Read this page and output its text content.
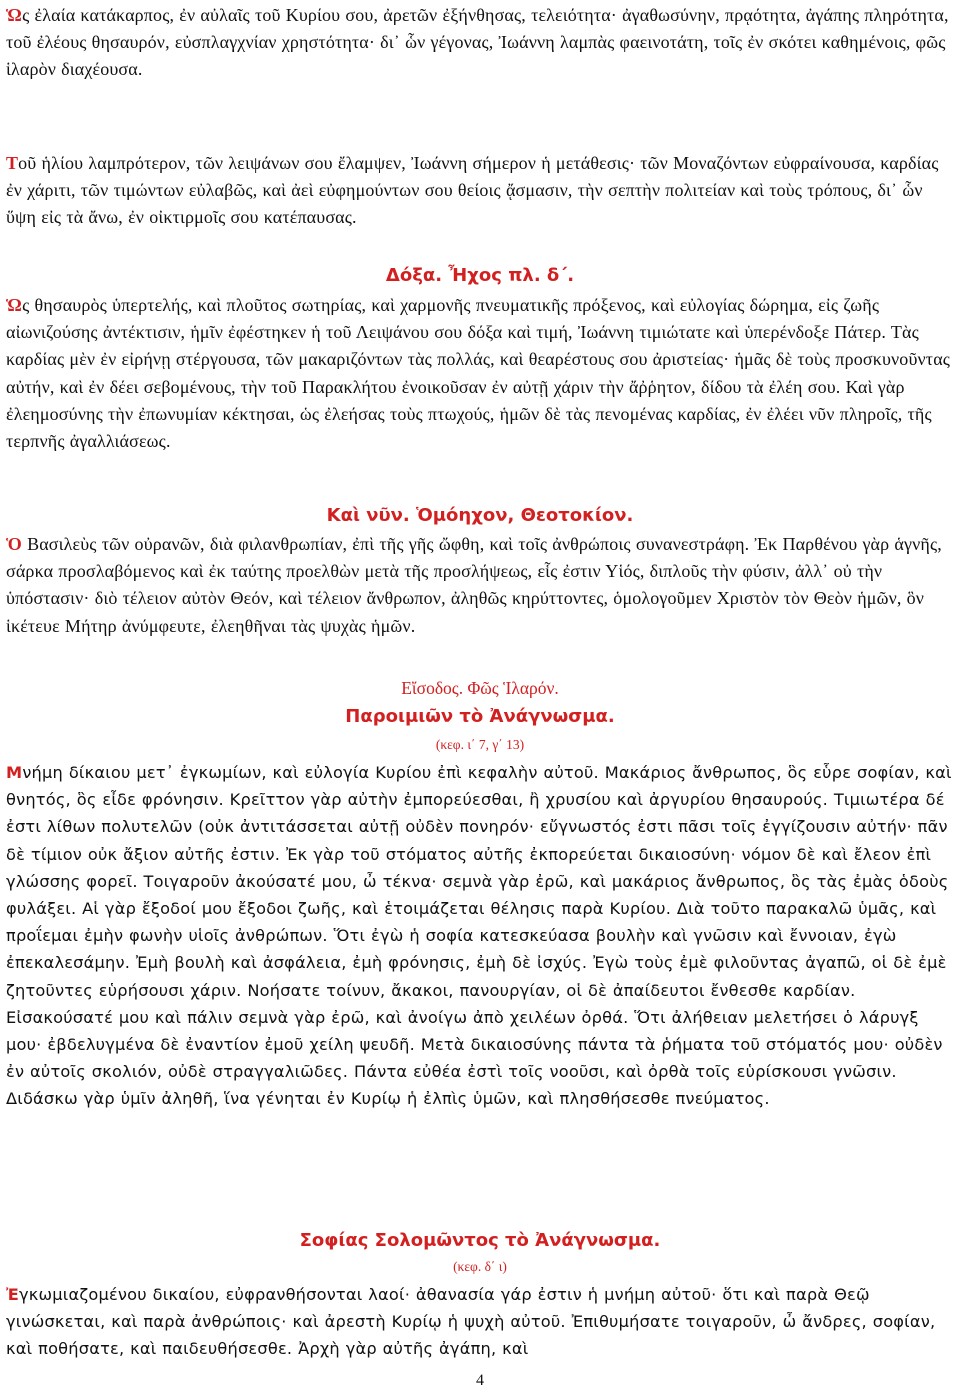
Ὡς ἐλαία κατάκαρπος, ἐν αὐλαῖς τοῦ Κυρίου σου, ἀρετῶν ἐξήνθησας, τελειότητα· ἀγαθωσύνην, πρᾳότητα, ἀγάπης πληρότητα, τοῦ ἐλέους θησαυρόν, εὐσπλαγχνίαν χρηστότητα· δι᾽ ὧν γέγονας, Ἰωάννη λαμπὰς φαεινοτάτη, τοῖς ἐν σκότει καθημένοις, φῶς ἱλαρὸν διαχέουσα.

Τοῦ ἡλίου λαμπρότερον, τῶν λειψάνων σου ἔλαμψεν, Ἰωάννη σήμερον ἡ μετάθεσις· τῶν Μοναζόντων εὐφραίνουσα, καρδίας ἐν χάριτι, τῶν τιμώντων εὐλαβῶς, καὶ ἀεὶ εὐφημούντων σου θείοις ᾄσμασιν, τὴν σεπτὴν πολιτείαν καὶ τοὺς τρόπους, δι᾽ ὧν ὕψη εἰς τὰ ἄνω, ἐν οἰκτιρμοῖς σου κατέπαυσας.

Δόξα. Ἦχος πλ. δ΄.

Ὡς θησαυρὸς ὑπερτελής, καὶ πλοῦτος σωτηρίας, καὶ χαρμονῆς πνευματικῆς πρόξενος, καὶ εὐλογίας δώρημα, εἰς ζωῆς αἰωνιζούσης ἀντέκτισιν, ἡμῖν ἐφέστηκεν ἡ τοῦ Λειψάνου σου δόξα καὶ τιμή, Ἰωάννη τιμιώτατε καὶ ὑπερένδοξε Πάτερ. Τὰς καρδίας μὲν ἐν εἰρήνῃ στέργουσα, τῶν μακαριζόντων τὰς πολλάς, καὶ θεαρέστους σου ἀριστείας· ἡμᾶς δὲ τοὺς προσκυνοῦντας αὐτήν, καὶ ἐν δέει σεβομένους, τὴν τοῦ Παρακλήτου ἐνοικοῦσαν ἐν αὐτῇ χάριν τὴν ἄῤῥητον, δίδου τὰ ἐλέη σου. Καὶ γὰρ ἐλεημοσύνης τὴν ἐπωνυμίαν κέκτησαι, ὡς ἐλεήσας τοὺς πτωχούς, ἡμῶν δὲ τὰς πενομένας καρδίας, ἐν ἐλέει νῦν πληροῖς, τῆς τερπνῆς ἀγαλλιάσεως.

Καὶ νῦν. Ὁμόηχον, Θεοτοκίον.

Ὁ Βασιλεὺς τῶν οὐρανῶν, διὰ φιλανθρωπίαν, ἐπὶ τῆς γῆς ὤφθη, καὶ τοῖς ἀνθρώποις συνανεστράφη. Ἐκ Παρθένου γὰρ ἁγνῆς, σάρκα προσλαβόμενος καὶ ἐκ ταύτης προελθὼν μετὰ τῆς προσλήψεως, εἷς ἐστιν Υἱός, διπλοῦς τὴν φύσιν, ἀλλ᾽ οὐ τὴν ὑπόστασιν· διὸ τέλειον αὐτὸν Θεόν, καὶ τέλειον ἄνθρωπον, ἀληθῶς κηρύττοντες, ὁμολογοῦμεν Χριστὸν τὸν Θεὸν ἡμῶν, ὃν ἱκέτευε Μήτηρ ἀνύμφευτε, ἐλεηθῆναι τὰς ψυχὰς ἡμῶν.

Εἴσοδος. Φῶς Ἱλαρόν.
Παροιμιῶν τὸ Ἀνάγνωσμα.
(κεφ. ι΄ 7, γ΄ 13)

Μνήμη δίκαιου μετ᾽ ἐγκωμίων, καὶ εὐλογία Κυρίου ἐπὶ κεφαλὴν αὐτοῦ. Μακάριος ἄνθρωπος, ὃς εὗρε σοφίαν, καὶ θνητός, ὃς εἶδε φρόνησιν. Κρεῖττον γὰρ αὐτὴν ἐμπορεύεσθαι, ἢ χρυσίου καὶ ἀργυρίου θησαυρούς. Τιμιωτέρα δέ ἐστι λίθων πολυτελῶν (οὐκ ἀντιτάσσεται αὐτῇ οὐδὲν πονηρόν· εὔγνωστός ἐστι πᾶσι τοῖς ἐγγίζουσιν αὐτήν· πᾶν δὲ τίμιον οὐκ ἄξιον αὐτῆς ἐστιν. Ἐκ γὰρ τοῦ στόματος αὐτῆς ἐκπορεύεται δικαιοσύνη· νόμον δὲ καὶ ἔλεον ἐπὶ γλώσσης φορεῖ. Τοιγαροῦν ἀκούσατέ μου, ὦ τέκνα· σεμνὰ γὰρ ἐρῶ, καὶ μακάριος ἄνθρωπος, ὃς τὰς ἐμὰς ὁδοὺς φυλάξει. Αἱ γὰρ ἔξοδοί μου ἔξοδοι ζωῆς, καὶ ἑτοιμάζεται θέλησις παρὰ Κυρίου. Διὰ τοῦτο παρακαλῶ ὑμᾶς, καὶ προΐεμαι ἐμὴν φωνὴν υἱοῖς ἀνθρώπων. Ὅτι ἐγὼ ἡ σοφία κατεσκεύασα βουλὴν καὶ γνῶσιν καὶ ἔννοιαν, ἐγὼ ἐπεκαλεσάμην. Ἐμὴ βουλὴ καὶ ἀσφάλεια, ἐμὴ φρόνησις, ἐμὴ δὲ ἰσχύς. Ἐγὼ τοὺς ἐμὲ φιλοῦντας ἀγαπῶ, οἱ δὲ ἐμὲ ζητοῦντες εὑρήσουσι χάριν. Νοήσατε τοίνυν, ἄκακοι, πανουργίαν, οἱ δὲ ἀπαίδευτοι ἔνθεσθε καρδίαν. Εἰσακούσατέ μου καὶ πάλιν σεμνὰ γὰρ ἐρῶ, καὶ ἀνοίγω ἀπὸ χειλέων ὀρθά. Ὅτι ἀλήθειαν μελετήσει ὁ λάρυγξ μου· ἐβδελυγμένα δὲ ἐναντίον ἐμοῦ χείλη ψευδῆ. Μετὰ δικαιοσύνης πάντα τὰ ῥήματα τοῦ στόματός μου· οὐδὲν ἐν αὐτοῖς σκολιόν, οὐδὲ στραγγαλιῶδες. Πάντα εὐθέα ἐστὶ τοῖς νοοῦσι, καὶ ὀρθὰ τοῖς εὑρίσκουσι γνῶσιν. Διδάσκω γὰρ ὑμῖν ἀληθῆ, ἵνα γένηται ἐν Κυρίῳ ἡ ἐλπὶς ὑμῶν, καὶ πλησθήσεσθε πνεύματος.

Σοφίας Σολομῶντος τὸ Ἀνάγνωσμα.
(κεφ. δ΄ ι)

Ἐγκωμιαζομένου δικαίου, εὐφρανθήσονται λαοί· ἀθανασία γάρ ἐστιν ἡ μνήμη αὐτοῦ· ὅτι καὶ παρὰ Θεῷ γινώσκεται, καὶ παρὰ ἀνθρώποις· καὶ ἀρεστὴ Κυρίῳ ἡ ψυχὴ αὐτοῦ. Ἐπιθυμήσατε τοιγαροῦν, ὦ ἄνδρες, σοφίαν, καὶ ποθήσατε, καὶ παιδευθήσεσθε. Ἀρχὴ γὰρ αὐτῆς ἀγάπη, καὶ

4
